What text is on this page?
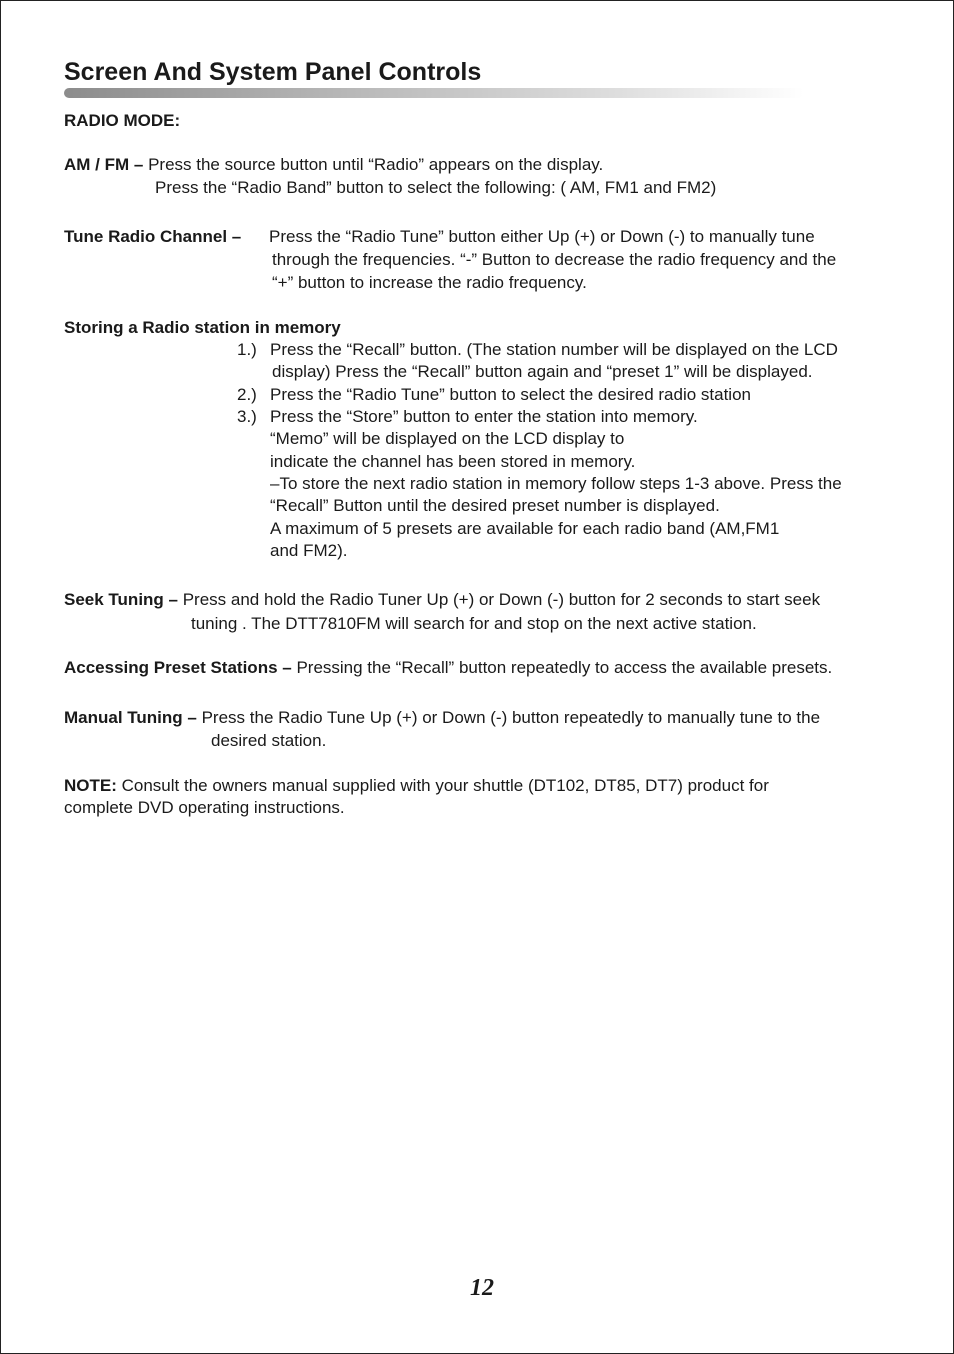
Screen And System Panel Controls
RADIO MODE:
AM / FM – Press the source button until “Radio” appears on the display.
Press the “Radio Band” button to select the following: ( AM, FM1 and FM2)
Tune Radio Channel – Press the “Radio Tune” button either Up (+) or Down (-) to manually tune
through the frequencies. “-” Button to decrease the radio frequency and the
“+” button to increase the radio frequency.
Storing a Radio station in memory
1.) Press the “Recall” button. (The station number will be displayed on the LCD
display) Press the “Recall” button again and “preset 1” will be displayed.
2.) Press the “Radio Tune” button to select the desired radio station
3.) Press the “Store” button to enter the station into memory.
“Memo” will be displayed on the LCD display to
indicate the channel has been stored in memory.
–To store the next radio station in memory follow steps 1-3 above. Press the
“Recall” Button until the desired preset number is displayed.
A maximum of 5 presets are available for each radio band (AM,FM1
and FM2).
Seek Tuning – Press and hold the Radio Tuner Up (+) or Down (-) button for 2 seconds to start seek
tuning . The DTT7810FM will search for and stop on the next active station.
Accessing Preset Stations – Pressing the “Recall” button repeatedly to access the available presets.
Manual Tuning – Press the Radio Tune Up (+) or Down (-) button repeatedly to manually tune to the
desired station.
NOTE: Consult the owners manual supplied with your shuttle (DT102, DT85, DT7) product for
complete DVD operating instructions.
12
